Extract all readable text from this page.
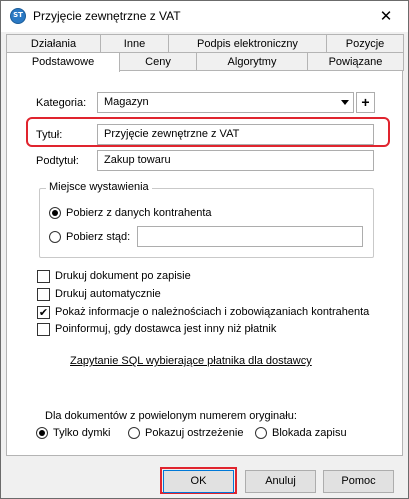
ST Przyjęcie zewnętrzne z VAT	✕
Działania	Inne	Podpis elektroniczny	Pozycje
Podstawowe	Ceny	Algorytmy	Powiązane
Kategoria:	Magazyn	+
Tytuł:	Przyjęcie zewnętrzne z VAT
Podtytuł:	Zakup towaru
Miejsce wystawienia
Pobierz z danych kontrahenta
Pobierz stąd:
Drukuj dokument po zapisie
Drukuj automatycznie
✔ Pokaż informacje o należnościach i zobowiązaniach kontrahenta
Poinformuj, gdy dostawca jest inny niż płatnik
Zapytanie SQL wybierające płatnika dla dostawcy
Dla dokumentów z powielonym numerem oryginału:
Tylko dymki	Pokazuj ostrzeżenie	Blokada zapisu
OK	Anuluj	Pomoc
